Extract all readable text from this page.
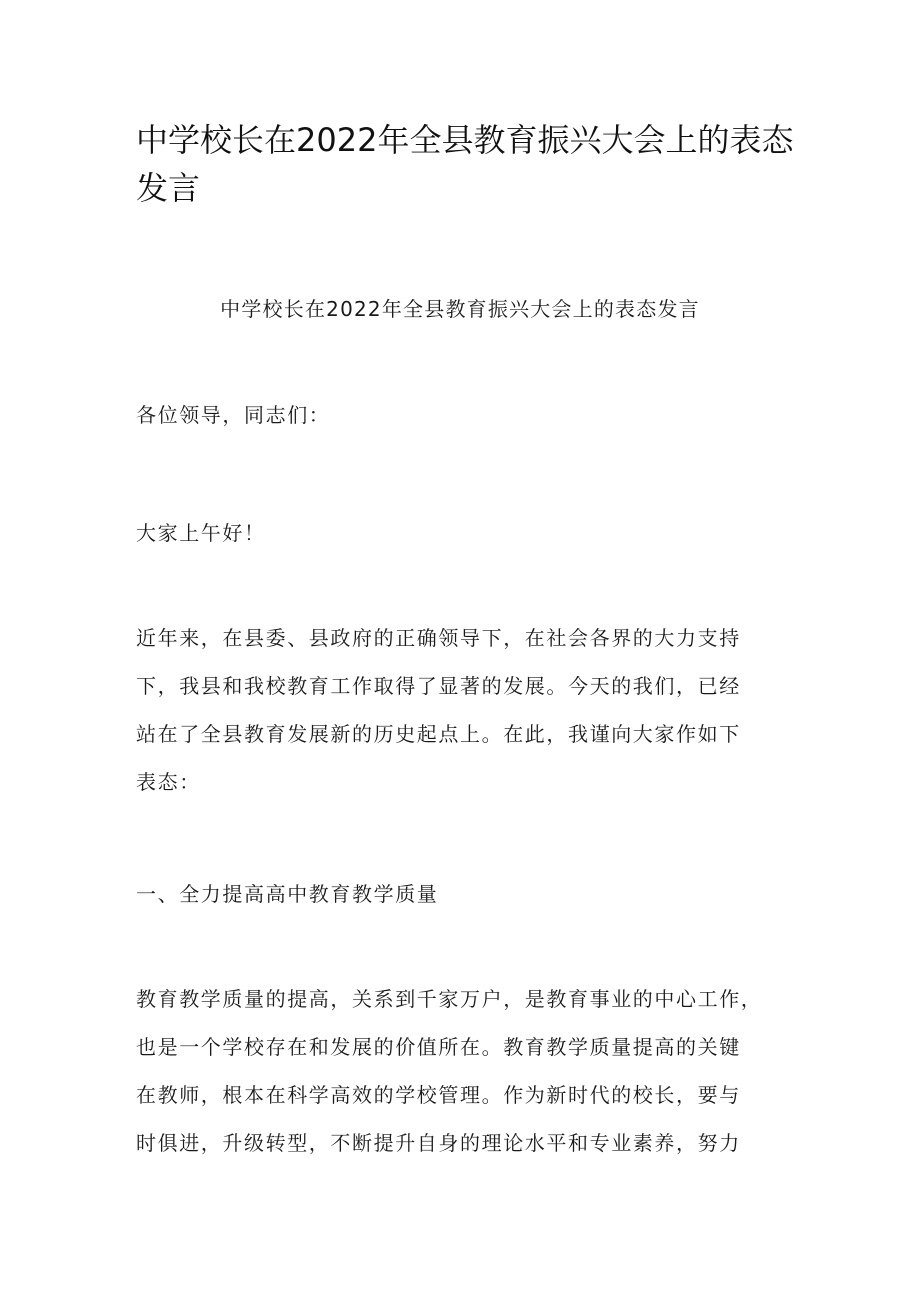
中学校长在2022年全县教育振兴大会上的表态发言

中学校长在2022年全县教育振兴大会上的表态发言

各位领导，同志们：

大家上午好！

近年来，在县委、县政府的正确领导下，在社会各界的大力支持
下，我县和我校教育工作取得了显著的发展。今天的我们，已经
站在了全县教育发展新的历史起点上。在此，我谨向大家作如下
表态：

一、全力提高高中教育教学质量

教育教学质量的提高，关系到千家万户，是教育事业的中心工作，
也是一个学校存在和发展的价值所在。教育教学质量提高的关键
在教师，根本在科学高效的学校管理。作为新时代的校长，要与
时俱进，升级转型，不断提升自身的理论水平和专业素养，努力
